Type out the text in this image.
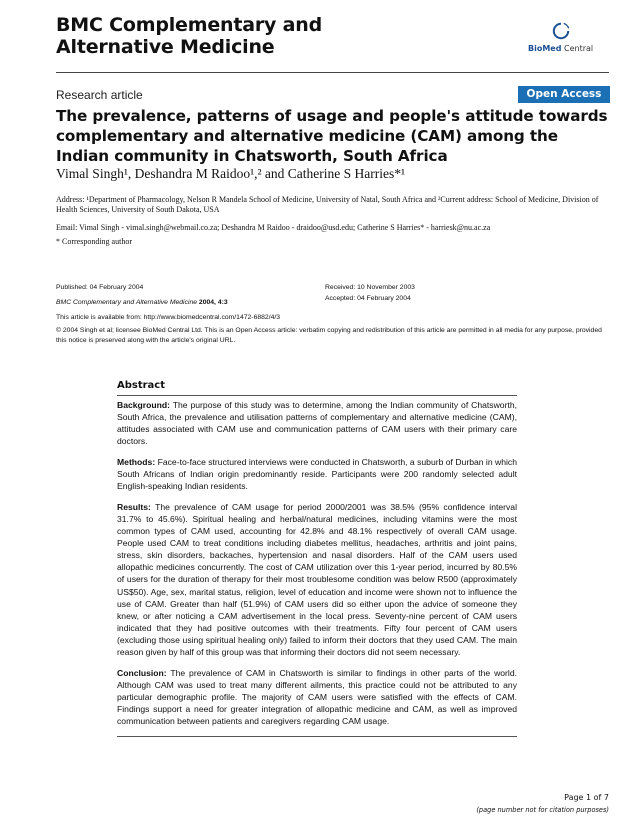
BMC Complementary and
Alternative Medicine	BioMed Central
Research article	Open Access
The prevalence, patterns of usage and people's attitude towards complementary and alternative medicine (CAM) among the Indian community in Chatsworth, South Africa
Vimal Singh¹, Deshandra M Raidoo¹,² and Catherine S Harries*¹
Address: ¹Department of Pharmacology, Nelson R Mandela School of Medicine, University of Natal, South Africa and ²Current address: School of Medicine, Division of Health Sciences, University of South Dakota, USA
Email: Vimal Singh - vimal.singh@webmail.co.za; Deshandra M Raidoo - draidoo@usd.edu; Catherine S Harries* - harriesk@nu.ac.za
* Corresponding author
Published: 04 February 2004
BMC Complementary and Alternative Medicine 2004, 4:3
This article is available from: http://www.biomedcentral.com/1472-6882/4/3
Received: 10 November 2003
Accepted: 04 February 2004
© 2004 Singh et al; licensee BioMed Central Ltd. This is an Open Access article: verbatim copying and redistribution of this article are permitted in all media for any purpose, provided this notice is preserved along with the article's original URL.
Abstract

Background: The purpose of this study was to determine, among the Indian community of Chatsworth, South Africa, the prevalence and utilisation patterns of complementary and alternative medicine (CAM), attitudes associated with CAM use and communication patterns of CAM users with their primary care doctors.

Methods: Face-to-face structured interviews were conducted in Chatsworth, a suburb of Durban in which South Africans of Indian origin predominantly reside. Participants were 200 randomly selected adult English-speaking Indian residents.

Results: The prevalence of CAM usage for period 2000/2001 was 38.5% (95% confidence interval 31.7% to 45.6%). Spiritual healing and herbal/natural medicines, including vitamins were the most common types of CAM used, accounting for 42.8% and 48.1% respectively of overall CAM usage. People used CAM to treat conditions including diabetes mellitus, headaches, arthritis and joint pains, stress, skin disorders, backaches, hypertension and nasal disorders. Half of the CAM users used allopathic medicines concurrently. The cost of CAM utilization over this 1-year period, incurred by 80.5% of users for the duration of therapy for their most troublesome condition was below R500 (approximately US$50). Age, sex, marital status, religion, level of education and income were shown not to influence the use of CAM. Greater than half (51.9%) of CAM users did so either upon the advice of someone they knew, or after noticing a CAM advertisement in the local press. Seventy-nine percent of CAM users indicated that they had positive outcomes with their treatments. Fifty four percent of CAM users (excluding those using spiritual healing only) failed to inform their doctors that they used CAM. The main reason given by half of this group was that informing their doctors did not seem necessary.

Conclusion: The prevalence of CAM in Chatsworth is similar to findings in other parts of the world. Although CAM was used to treat many different ailments, this practice could not be attributed to any particular demographic profile. The majority of CAM users were satisfied with the effects of CAM. Findings support a need for greater integration of allopathic medicine and CAM, as well as improved communication between patients and caregivers regarding CAM usage.

Page 1 of 7
(page number not for citation purposes)
